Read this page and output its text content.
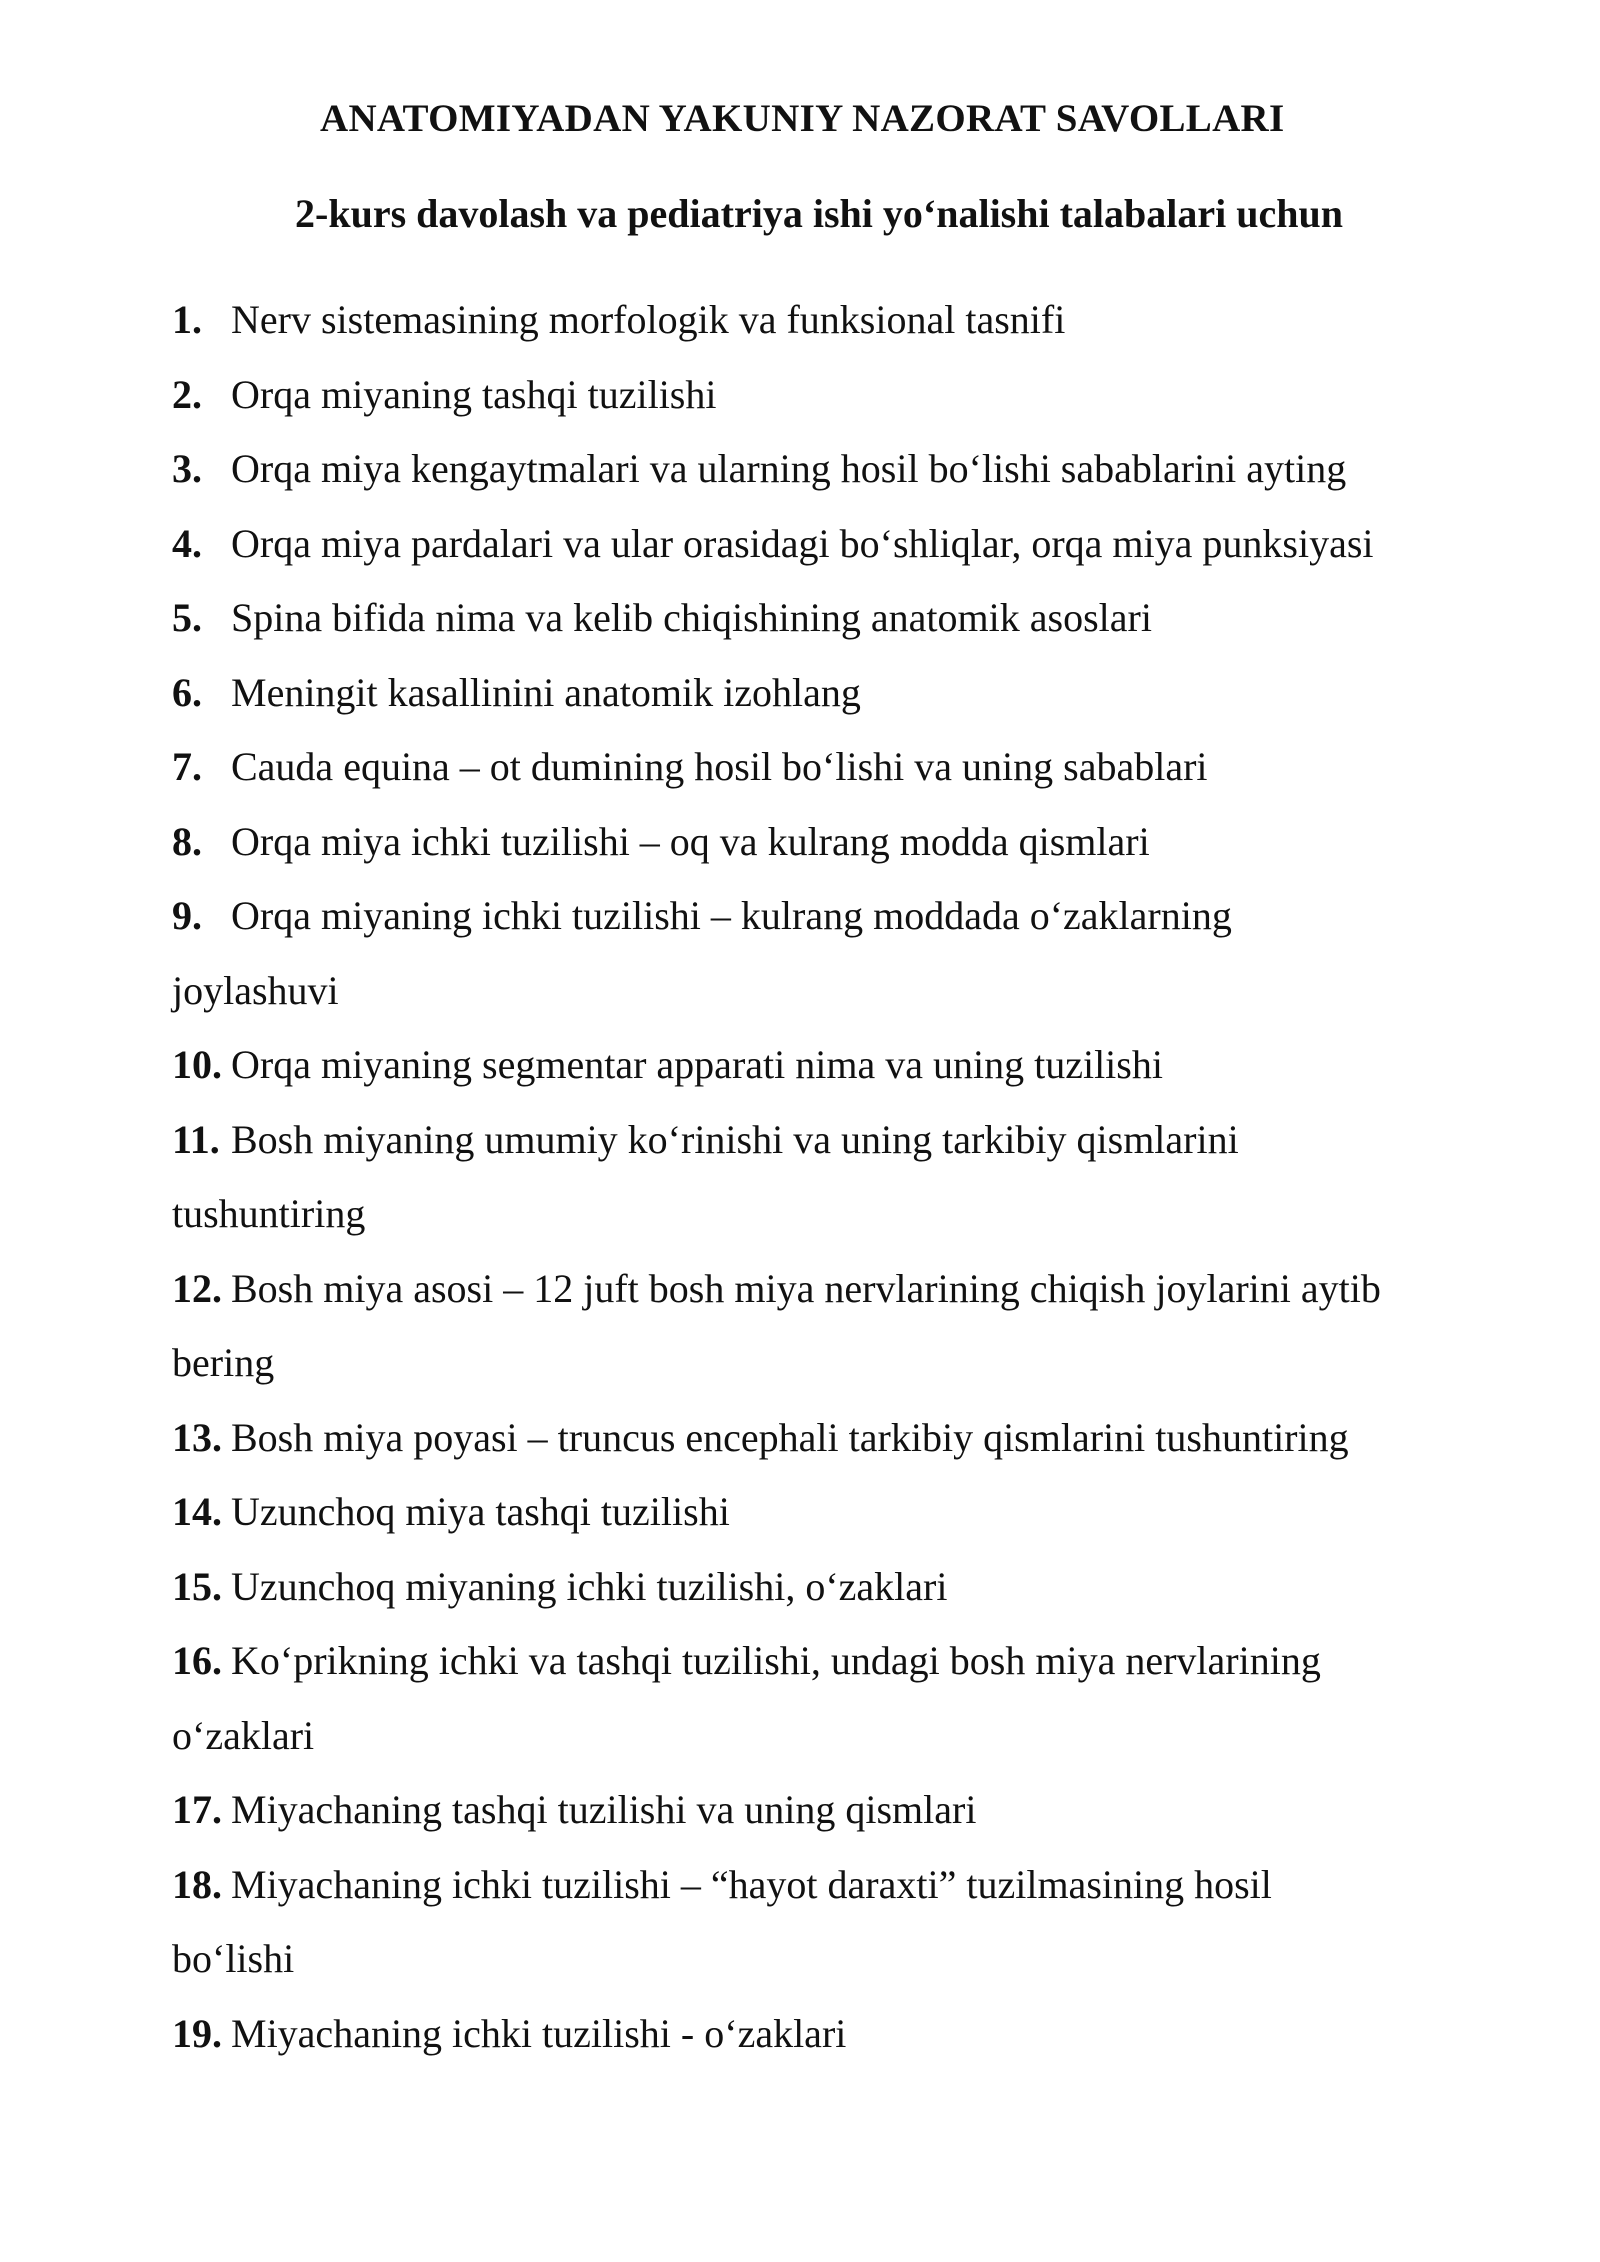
ANATOMIYADAN YAKUNIY NAZORAT SAVOLLARI
2-kurs davolash va pediatriya ishi yo‘nalishi talabalari uchun
1. Nerv sistemasining morfologik va funksional tasnifi
2. Orqa miyaning tashqi tuzilishi
3. Orqa miya kengaytmalari va ularning hosil bo‘lishi sabablarini ayting
4. Orqa miya pardalari va ular orasidagi bo‘shliqlar, orqa miya punksiyasi
5. Spina bifida nima va kelib chiqishining anatomik asoslari
6. Meningit kasallinini anatomik izohlang
7. Cauda equina – ot dumining hosil bo‘lishi va uning sabablari
8. Orqa miya ichki tuzilishi – oq va kulrang modda qismlari
9. Orqa miyaning ichki tuzilishi – kulrang moddada o‘zaklarning
joylashuvi
10. Orqa miyaning segmentar apparati nima va uning tuzilishi
11. Bosh miyaning umumiy ko‘rinishi va uning tarkibiy qismlarini
tushuntiring
12. Bosh miya asosi – 12 juft bosh miya nervlarining chiqish joylarini aytib
bering
13. Bosh miya poyasi – truncus encephali tarkibiy qismlarini tushuntiring
14. Uzunchoq miya tashqi tuzilishi
15. Uzunchoq miyaning ichki tuzilishi, o‘zaklari
16. Ko‘prikning ichki va tashqi tuzilishi, undagi bosh miya nervlarining
o‘zaklari
17. Miyachaning tashqi tuzilishi va uning qismlari
18. Miyachaning ichki tuzilishi – “hayot daraxti” tuzilmasining hosil
bo‘lishi
19. Miyachaning ichki tuzilishi - o‘zaklari
